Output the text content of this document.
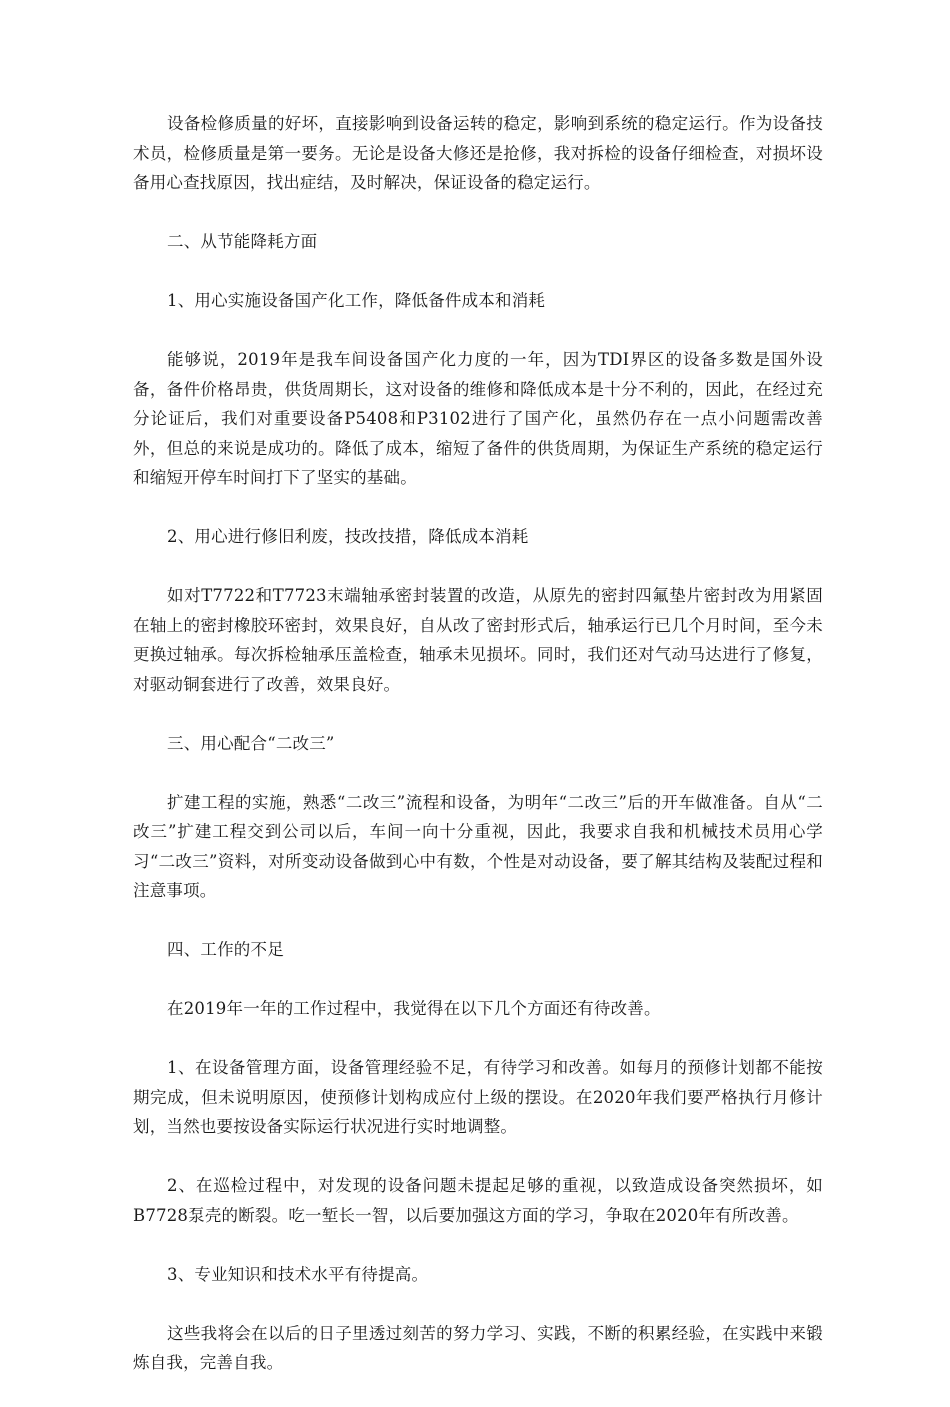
设备检修质量的好坏，直接影响到设备运转的稳定，影响到系统的稳定运行。作为设备技术员，检修质量是第一要务。无论是设备大修还是抢修，我对拆检的设备仔细检查，对损坏设备用心查找原因，找出症结，及时解决，保证设备的稳定运行。

二、从节能降耗方面

1、用心实施设备国产化工作，降低备件成本和消耗

能够说，2019年是我车间设备国产化力度的一年，因为TDI界区的设备多数是国外设备，备件价格昂贵，供货周期长，这对设备的维修和降低成本是十分不利的，因此，在经过充分论证后，我们对重要设备P5408和P3102进行了国产化，虽然仍存在一点小问题需改善外，但总的来说是成功的。降低了成本，缩短了备件的供货周期，为保证生产系统的稳定运行和缩短开停车时间打下了坚实的基础。

2、用心进行修旧利废，技改技措，降低成本消耗

如对T7722和T7723末端轴承密封装置的改造，从原先的密封四氟垫片密封改为用紧固在轴上的密封橡胶环密封，效果良好，自从改了密封形式后，轴承运行已几个月时间，至今未更换过轴承。每次拆检轴承压盖检查，轴承未见损坏。同时，我们还对气动马达进行了修复，对驱动铜套进行了改善，效果良好。

三、用心配合“二改三”

扩建工程的实施，熟悉“二改三”流程和设备，为明年“二改三”后的开车做准备。自从“二改三”扩建工程交到公司以后，车间一向十分重视，因此，我要求自我和机械技术员用心学习“二改三”资料，对所变动设备做到心中有数，个性是对动设备，要了解其结构及装配过程和注意事项。

四、工作的不足

在2019年一年的工作过程中，我觉得在以下几个方面还有待改善。

1、在设备管理方面，设备管理经验不足，有待学习和改善。如每月的预修计划都不能按期完成，但未说明原因，使预修计划构成应付上级的摆设。在2020年我们要严格执行月修计划，当然也要按设备实际运行状况进行实时地调整。

2、在巡检过程中，对发现的设备问题未提起足够的重视，以致造成设备突然损坏，如B7728泵壳的断裂。吃一堑长一智，以后要加强这方面的学习，争取在2020年有所改善。

3、专业知识和技术水平有待提高。

这些我将会在以后的日子里透过刻苦的努力学习、实践，不断的积累经验，在实践中来锻炼自我，完善自我。
